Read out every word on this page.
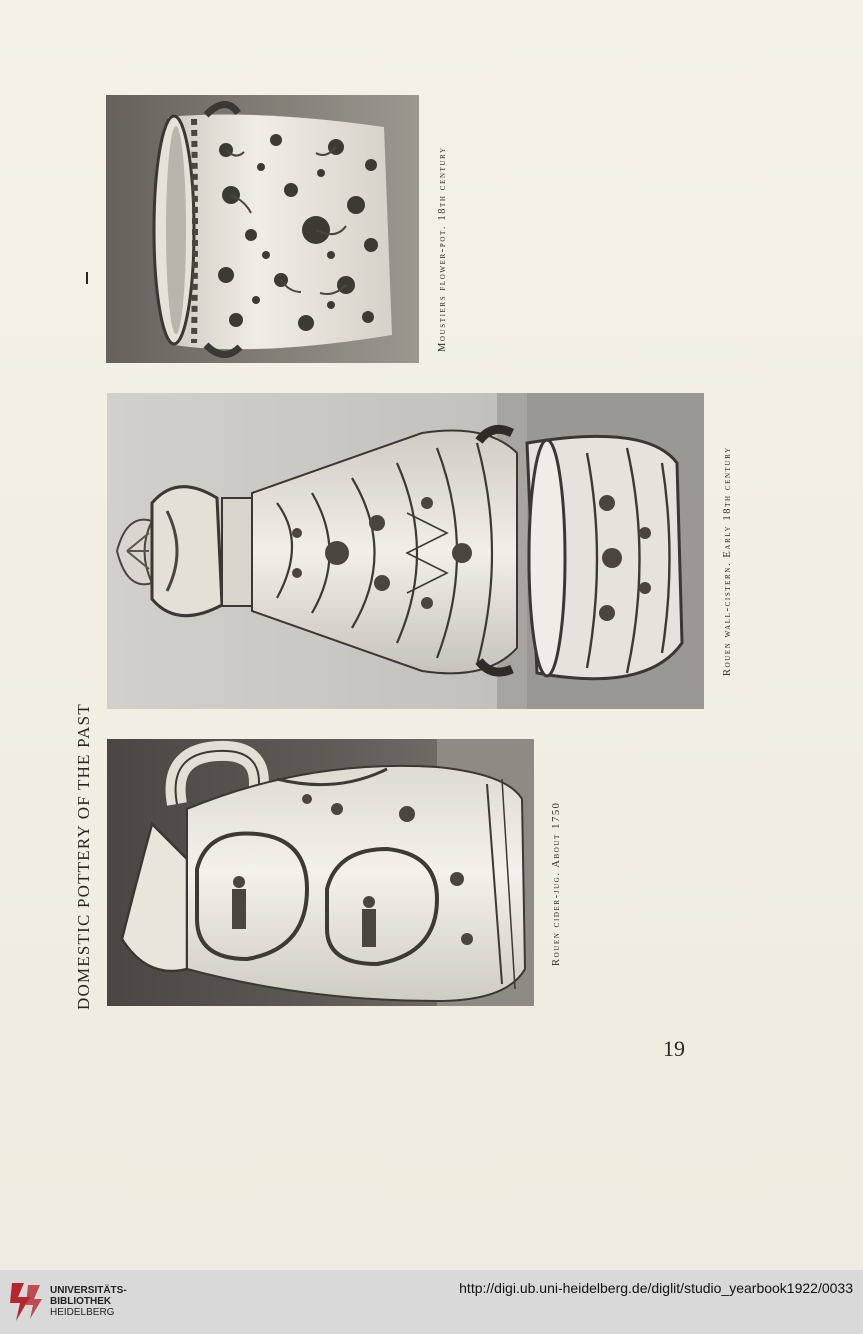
DOMESTIC POTTERY OF THE PAST
Moustiers flower-pot. 18th century
Rouen wall-cistern. Early 18th century
Rouen cider-jug. About 1750
19
UNIVERSITÄTS-
BIBLIOTHEK
HEIDELBERG
http://digi.ub.uni-heidelberg.de/diglit/studio_yearbook1922/0033
